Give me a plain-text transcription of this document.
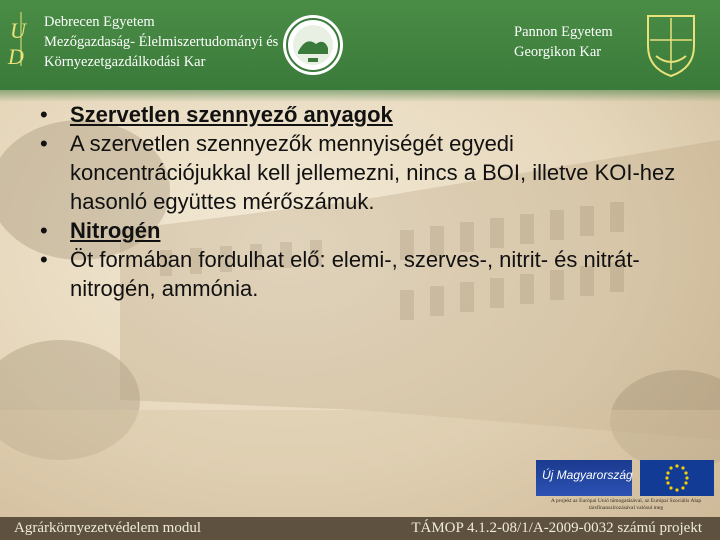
U
D
Debrecen Egyetem
Mezőgazdaság- Élelmiszertudományi és
Környezetgazdálkodási Kar
Pannon Egyetem
Georgikon Kar
•	Szervetlen szennyező anyagok
•	A szervetlen szennyezők mennyiségét egyedi koncentrációjukkal kell jellemezni, nincs a BOI, illetve KOI-hez hasonló együttes mérőszámuk.
•	Nitrogén
•	Öt formában fordulhat elő: elemi-, szerves-, nitrit- és nitrát-nitrogén, ammónia.
Új Magyarország
A projekt az Európai Unió támogatásával, az Európai Szociális Alap társfinanszírozásával valósul meg
Agrárkörnyezetvédelem modul	TÁMOP 4.1.2-08/1/A-2009-0032 számú projekt
